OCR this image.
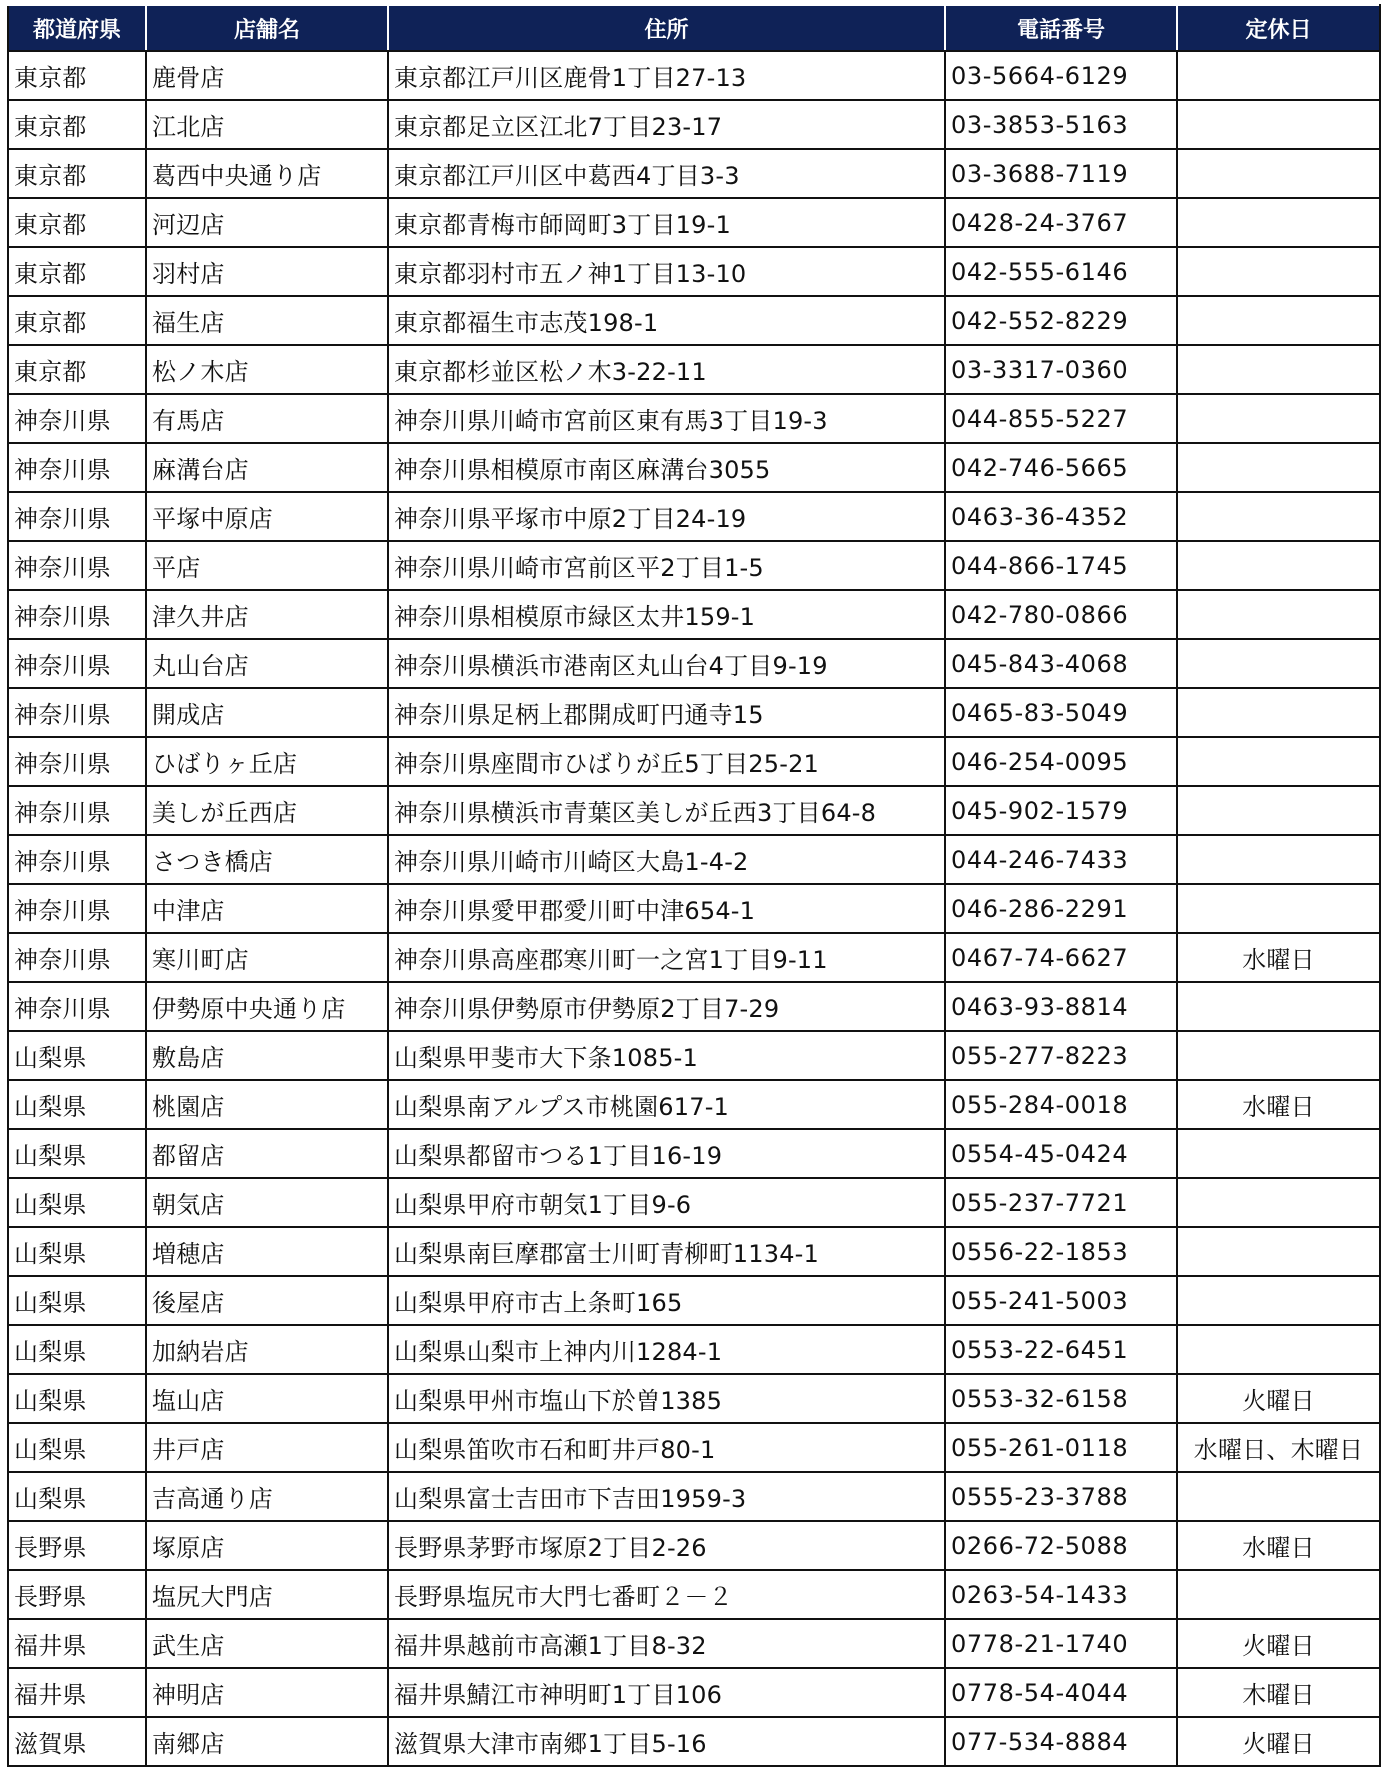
都道府県	店舗名	住所	電話番号	定休日
東京都	鹿骨店	東京都江戸川区鹿骨1丁目27-13	03-5664-6129	
東京都	江北店	東京都足立区江北7丁目23-17	03-3853-5163	
東京都	葛西中央通り店	東京都江戸川区中葛西4丁目3-3	03-3688-7119	
東京都	河辺店	東京都青梅市師岡町3丁目19-1	0428-24-3767	
東京都	羽村店	東京都羽村市五ノ神1丁目13-10	042-555-6146	
東京都	福生店	東京都福生市志茂198-1	042-552-8229	
東京都	松ノ木店	東京都杉並区松ノ木3-22-11	03-3317-0360	
神奈川県	有馬店	神奈川県川崎市宮前区東有馬3丁目19-3	044-855-5227	
神奈川県	麻溝台店	神奈川県相模原市南区麻溝台3055	042-746-5665	
神奈川県	平塚中原店	神奈川県平塚市中原2丁目24-19	0463-36-4352	
神奈川県	平店	神奈川県川崎市宮前区平2丁目1-5	044-866-1745	
神奈川県	津久井店	神奈川県相模原市緑区太井159-1	042-780-0866	
神奈川県	丸山台店	神奈川県横浜市港南区丸山台4丁目9-19	045-843-4068	
神奈川県	開成店	神奈川県足柄上郡開成町円通寺15	0465-83-5049	
神奈川県	ひばりヶ丘店	神奈川県座間市ひばりが丘5丁目25-21	046-254-0095	
神奈川県	美しが丘西店	神奈川県横浜市青葉区美しが丘西3丁目64-8	045-902-1579	
神奈川県	さつき橋店	神奈川県川崎市川崎区大島1-4-2	044-246-7433	
神奈川県	中津店	神奈川県愛甲郡愛川町中津654-1	046-286-2291	
神奈川県	寒川町店	神奈川県高座郡寒川町一之宮1丁目9-11	0467-74-6627	水曜日
神奈川県	伊勢原中央通り店	神奈川県伊勢原市伊勢原2丁目7-29	0463-93-8814	
山梨県	敷島店	山梨県甲斐市大下条1085-1	055-277-8223	
山梨県	桃園店	山梨県南アルプス市桃園617-1	055-284-0018	水曜日
山梨県	都留店	山梨県都留市つる1丁目16-19	0554-45-0424	
山梨県	朝気店	山梨県甲府市朝気1丁目9-6	055-237-7721	
山梨県	増穂店	山梨県南巨摩郡富士川町青柳町1134-1	0556-22-1853	
山梨県	後屋店	山梨県甲府市古上条町165	055-241-5003	
山梨県	加納岩店	山梨県山梨市上神内川1284-1	0553-22-6451	
山梨県	塩山店	山梨県甲州市塩山下於曽1385	0553-32-6158	火曜日
山梨県	井戸店	山梨県笛吹市石和町井戸80-1	055-261-0118	水曜日、木曜日
山梨県	吉高通り店	山梨県富士吉田市下吉田1959-3	0555-23-3788	
長野県	塚原店	長野県茅野市塚原2丁目2-26	0266-72-5088	水曜日
長野県	塩尻大門店	長野県塩尻市大門七番町２－２	0263-54-1433	
福井県	武生店	福井県越前市高瀬1丁目8-32	0778-21-1740	火曜日
福井県	神明店	福井県鯖江市神明町1丁目106	0778-54-4044	木曜日
滋賀県	南郷店	滋賀県大津市南郷1丁目5-16	077-534-8884	火曜日
